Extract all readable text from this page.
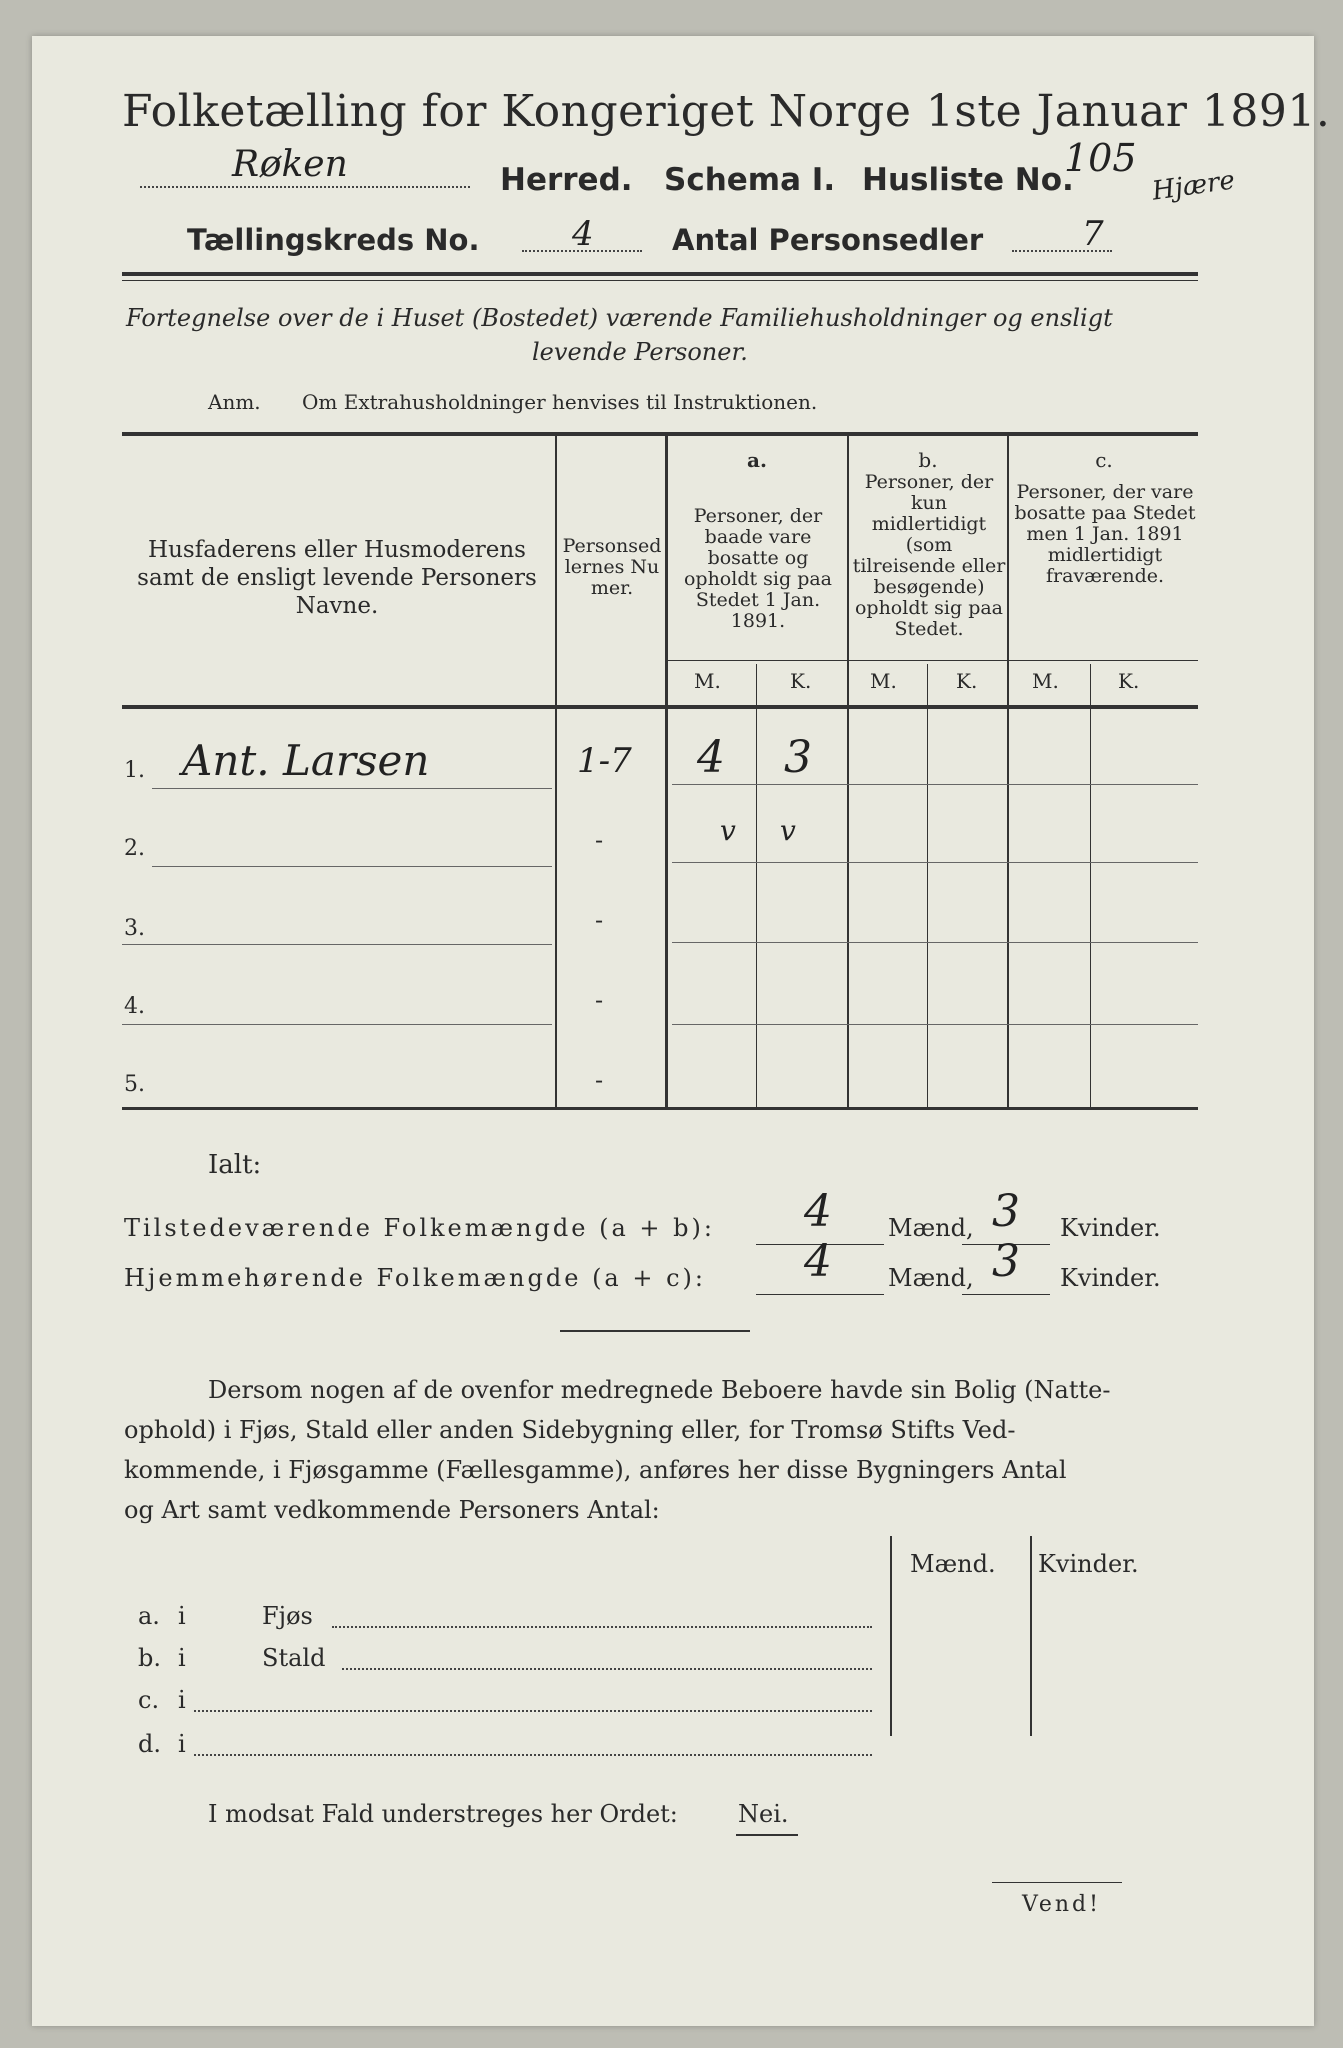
Folketælling for Kongeriget Norge 1ste Januar 1891.
Røken	Herred. Schema I. Husliste No.
105
Hjære
Tællingskreds No.	4	Antal Personsedler	7
Fortegnelse over de i Huset (Bostedet) værende Familiehusholdninger og ensligt
levende Personer.
Anm. Om Extrahusholdninger henvises til Instruktionen.
Husfaderens eller Husmoderens samt de ensligt levende Personers Navne.
Personsedlernes Numer.
a.
Personer, der baade vare bosatte og opholdt sig paa Stedet 1 Jan. 1891.
b.
Personer, der kun midlertidigt (som tilreisende eller besøgende) opholdt sig paa Stedet.
c.
Personer, der vare bosatte paa Stedet men 1 Jan. 1891 midlertidigt fraværende.
M.	K.	M.	K.	M.	K.
1. Ant. Larsen	1-7 4 3
2.	-	v v
3.	-
4.	-
5.	-
Ialt:
Tilstedeværende Folkemængde (a + b): 4 Mænd, 3 Kvinder.
Hjemmehørende Folkemængde (a + c): 4 Mænd, 3 Kvinder.
Dersom nogen af de ovenfor medregnede Beboere havde sin Bolig (Natte-
ophold) i Fjøs, Stald eller anden Sidebygning eller, for Tromsø Stifts Ved-
kommende, i Fjøsgamme (Fællesgamme), anføres her disse Bygningers Antal
og Art samt vedkommende Personers Antal:
Mænd. Kvinder.
a. i	Fjøs
b. i	Stald
c. i
d. i
I modsat Fald understreges her Ordet:	Nei.
Vend!
